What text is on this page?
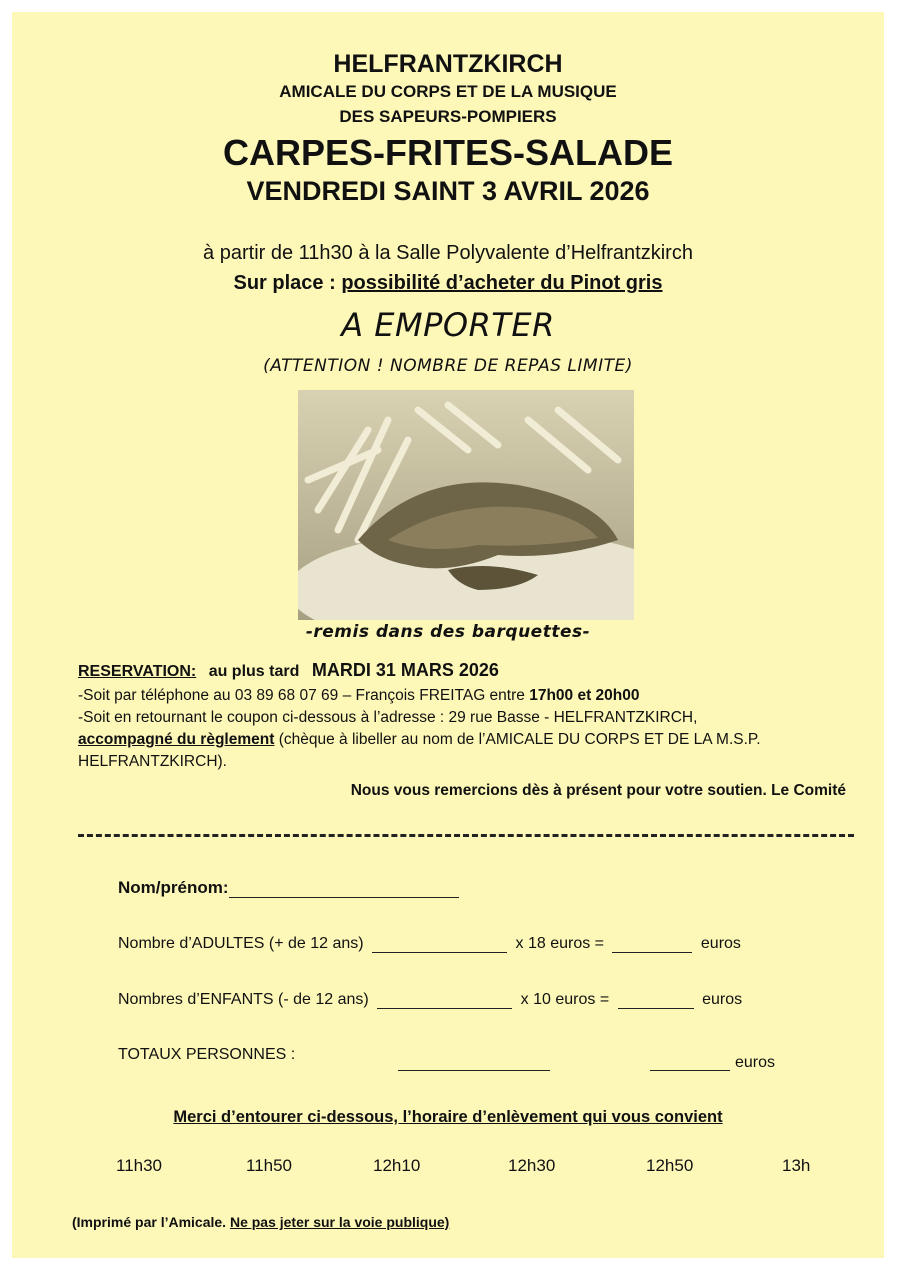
HELFRANTZKIRCH
AMICALE DU CORPS ET DE LA MUSIQUE
DES SAPEURS-POMPIERS
CARPES-FRITES-SALADE
VENDREDI SAINT 3 AVRIL 2026
à partir de 11h30 à la Salle Polyvalente d’Helfrantzkirch
Sur place : possibilité d’acheter du Pinot gris
A EMPORTER
(ATTENTION ! NOMBRE DE REPAS LIMITE)
-remis dans des barquettes-
RESERVATION: au plus tard MARDI 31 MARS 2026
-Soit par téléphone au 03 89 68 07 69 – François FREITAG entre 17h00 et 20h00
-Soit en retournant le coupon ci-dessous à l’adresse : 29 rue Basse - HELFRANTZKIRCH,
accompagné du règlement (chèque à libeller au nom de l’AMICALE DU CORPS ET DE LA M.S.P.
HELFRANTZKIRCH).
Nous vous remercions dès à présent pour votre soutien. Le Comité
Nom/prénom:
Nombre d’ADULTES (+ de 12 ans)	x 18 euros =	euros
Nombres d’ENFANTS (- de 12 ans)	x 10 euros =	euros
TOTAUX PERSONNES :	euros
Merci d’entourer ci-dessous, l’horaire d’enlèvement qui vous convient
11h30	11h50	12h10	12h30	12h50	13h
(Imprimé par l’Amicale. Ne pas jeter sur la voie publique)
